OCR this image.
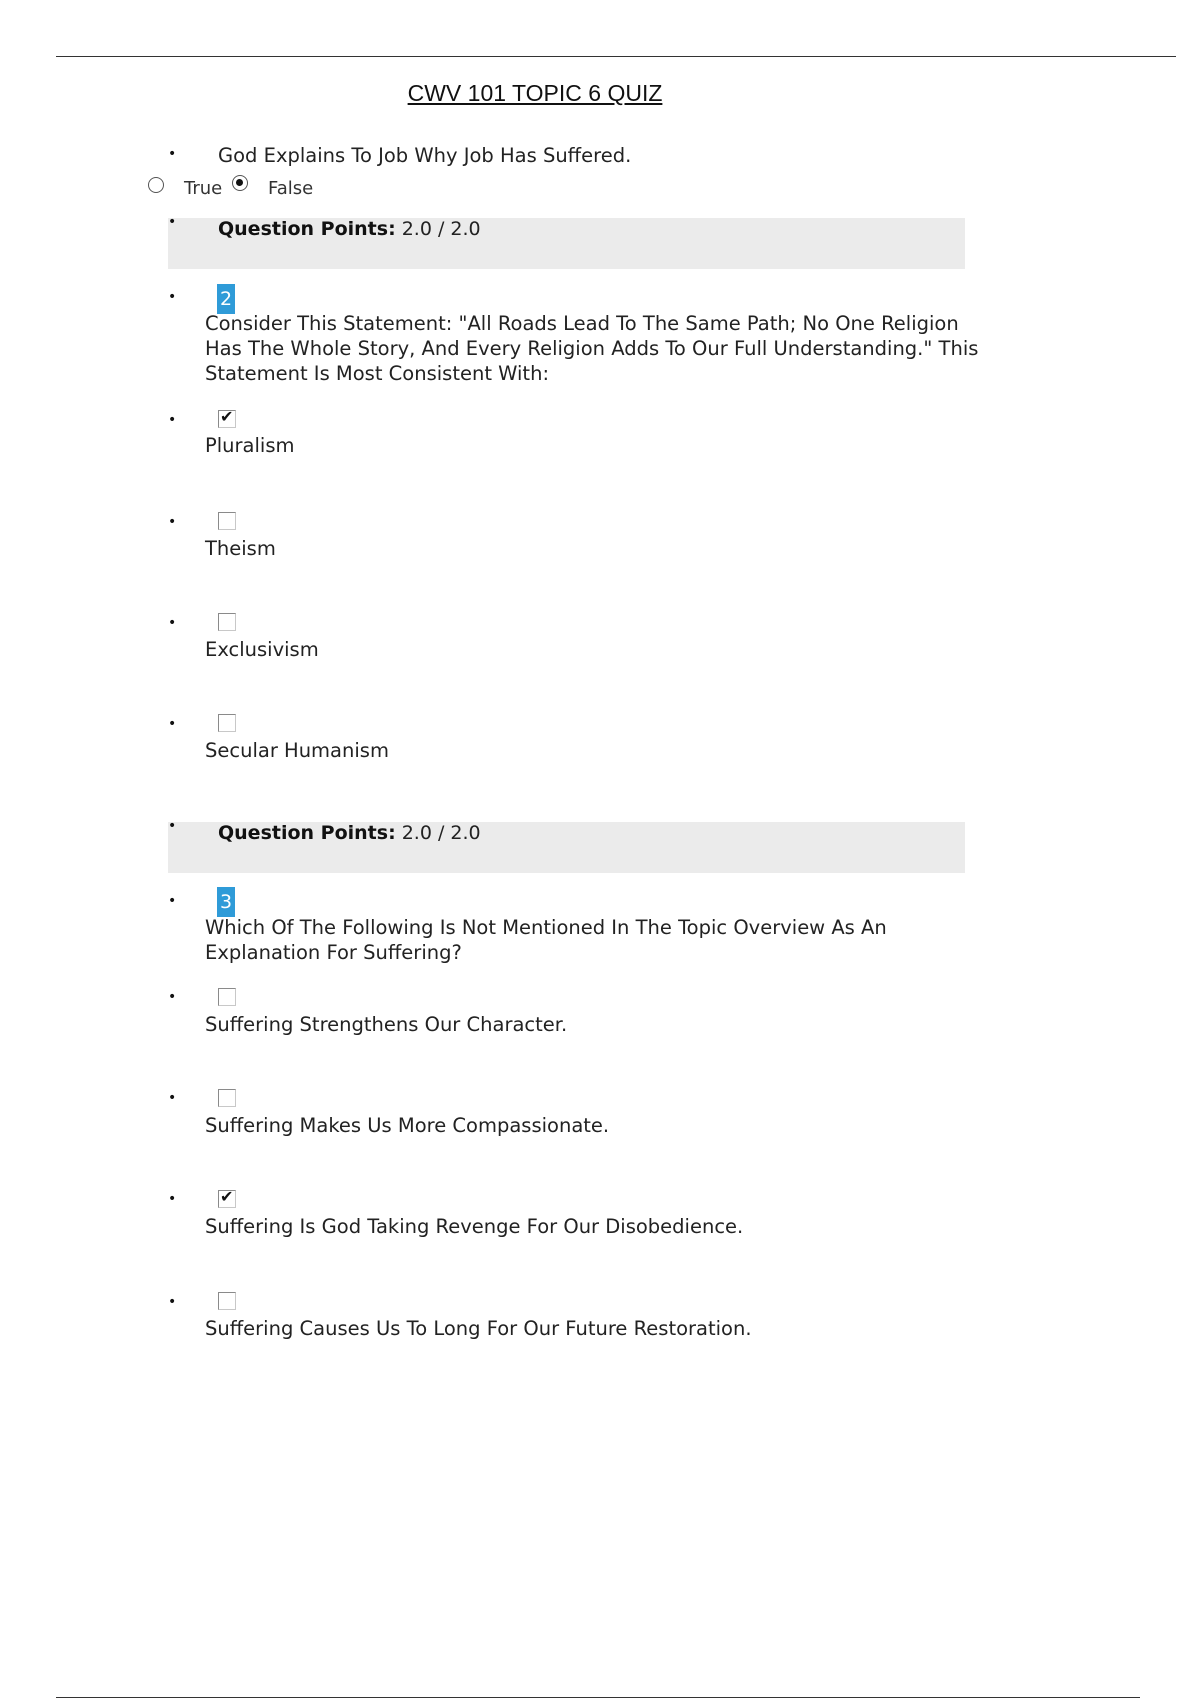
CWV 101 TOPIC 6 QUIZ
• God Explains To Job Why Job Has Suffered.
True	False
• Question Points: 2.0 / 2.0
• 2
Consider This Statement: "All Roads Lead To The Same Path; No One Religion
Has The Whole Story, And Every Religion Adds To Our Full Understanding." This
Statement Is Most Consistent With:
•	✔
Pluralism
•
Theism
•
Exclusivism
•
Secular Humanism
• Question Points: 2.0 / 2.0
• 3
Which Of The Following Is Not Mentioned In The Topic Overview As An
Explanation For Suffering?
•
Suffering Strengthens Our Character.
•
Suffering Makes Us More Compassionate.
•	✔
Suffering Is God Taking Revenge For Our Disobedience.
•
Suffering Causes Us To Long For Our Future Restoration.
